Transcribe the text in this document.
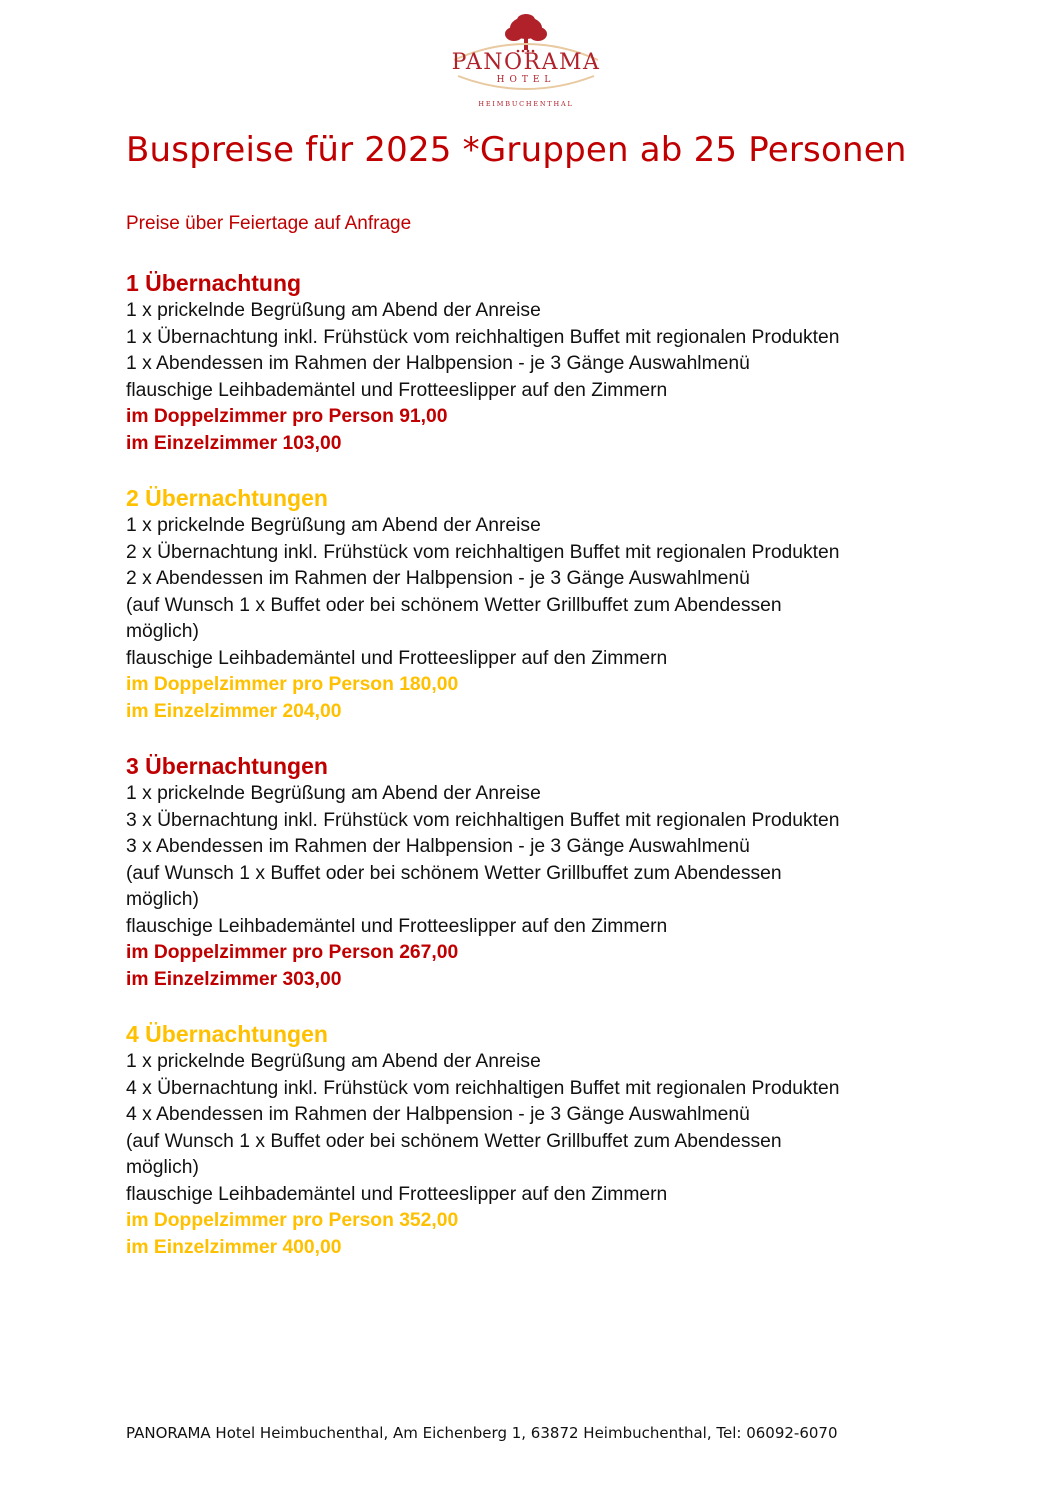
PANORAMA
HOTEL
HEIMBUCHENTHAL
Buspreise für 2025 *Gruppen ab 25 Personen
Preise über Feiertage auf Anfrage
1 Übernachtung
1 x prickelnde Begrüßung am Abend der Anreise
1 x Übernachtung inkl. Frühstück vom reichhaltigen Buffet mit regionalen Produkten
1 x Abendessen im Rahmen der Halbpension - je 3 Gänge Auswahlmenü
flauschige Leihbademäntel und Frotteeslipper auf den Zimmern
im Doppelzimmer pro Person 91,00
im Einzelzimmer 103,00
2 Übernachtungen
1 x prickelnde Begrüßung am Abend der Anreise
2 x Übernachtung inkl. Frühstück vom reichhaltigen Buffet mit regionalen Produkten
2 x Abendessen im Rahmen der Halbpension - je 3 Gänge Auswahlmenü
(auf Wunsch 1 x Buffet oder bei schönem Wetter Grillbuffet zum Abendessen
möglich)
flauschige Leihbademäntel und Frotteeslipper auf den Zimmern
im Doppelzimmer pro Person 180,00
im Einzelzimmer 204,00
3 Übernachtungen
1 x prickelnde Begrüßung am Abend der Anreise
3 x Übernachtung inkl. Frühstück vom reichhaltigen Buffet mit regionalen Produkten
3 x Abendessen im Rahmen der Halbpension - je 3 Gänge Auswahlmenü
(auf Wunsch 1 x Buffet oder bei schönem Wetter Grillbuffet zum Abendessen
möglich)
flauschige Leihbademäntel und Frotteeslipper auf den Zimmern
im Doppelzimmer pro Person 267,00
im Einzelzimmer 303,00
4 Übernachtungen
1 x prickelnde Begrüßung am Abend der Anreise
4 x Übernachtung inkl. Frühstück vom reichhaltigen Buffet mit regionalen Produkten
4 x Abendessen im Rahmen der Halbpension - je 3 Gänge Auswahlmenü
(auf Wunsch 1 x Buffet oder bei schönem Wetter Grillbuffet zum Abendessen
möglich)
flauschige Leihbademäntel und Frotteeslipper auf den Zimmern
im Doppelzimmer pro Person 352,00
im Einzelzimmer 400,00
PANORAMA Hotel Heimbuchenthal, Am Eichenberg 1, 63872 Heimbuchenthal, Tel: 06092-6070
